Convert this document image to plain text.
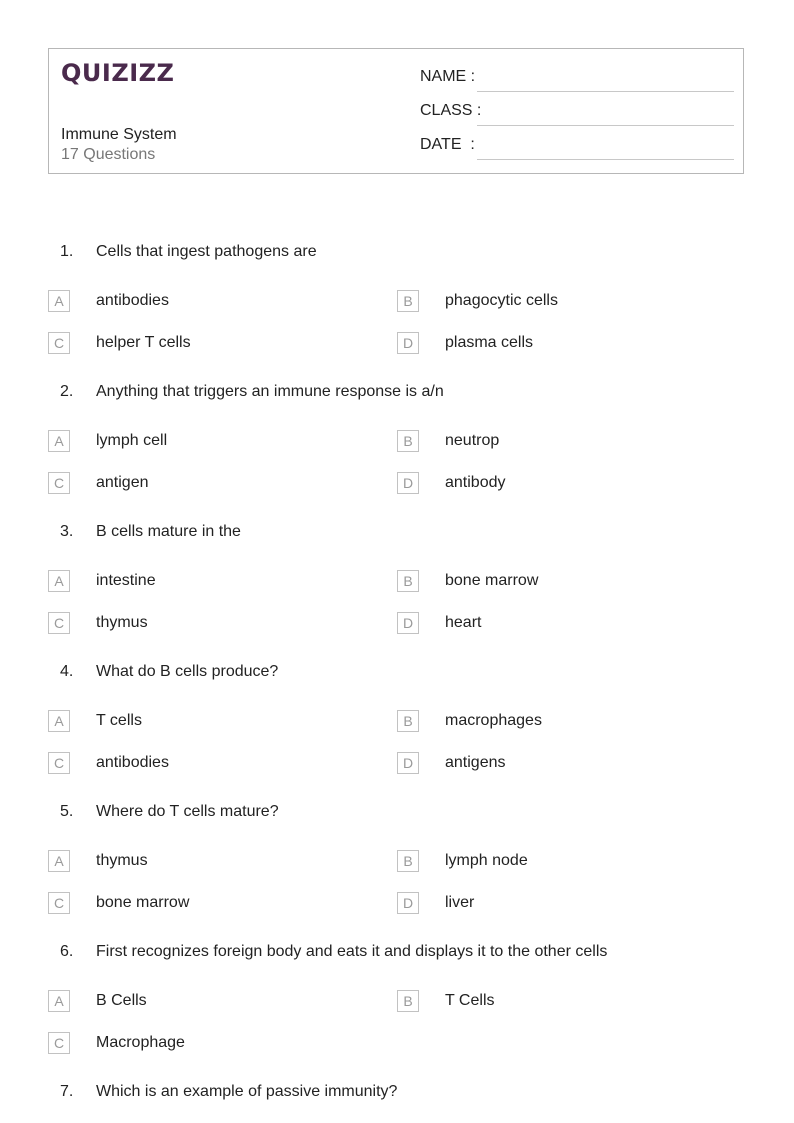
QUIZIZZ
Immune System
17 Questions
NAME :
CLASS :
DATE  :
1. Cells that ingest pathogens are
A	antibodies	B	phagocytic cells
C	helper T cells	D	plasma cells
2. Anything that triggers an immune response is a/n
A	lymph cell	B	neutrop
C	antigen	D	antibody
3. B cells mature in the
A	intestine	B	bone marrow
C	thymus	D	heart
4. What do B cells produce?
A	T cells	B	macrophages
C	antibodies	D	antigens
5. Where do T cells mature?
A	thymus	B	lymph node
C	bone marrow	D	liver
6. First recognizes foreign body and eats it and displays it to the other cells
A	B Cells	B	T Cells
C	Macrophage
7. Which is an example of passive immunity?
